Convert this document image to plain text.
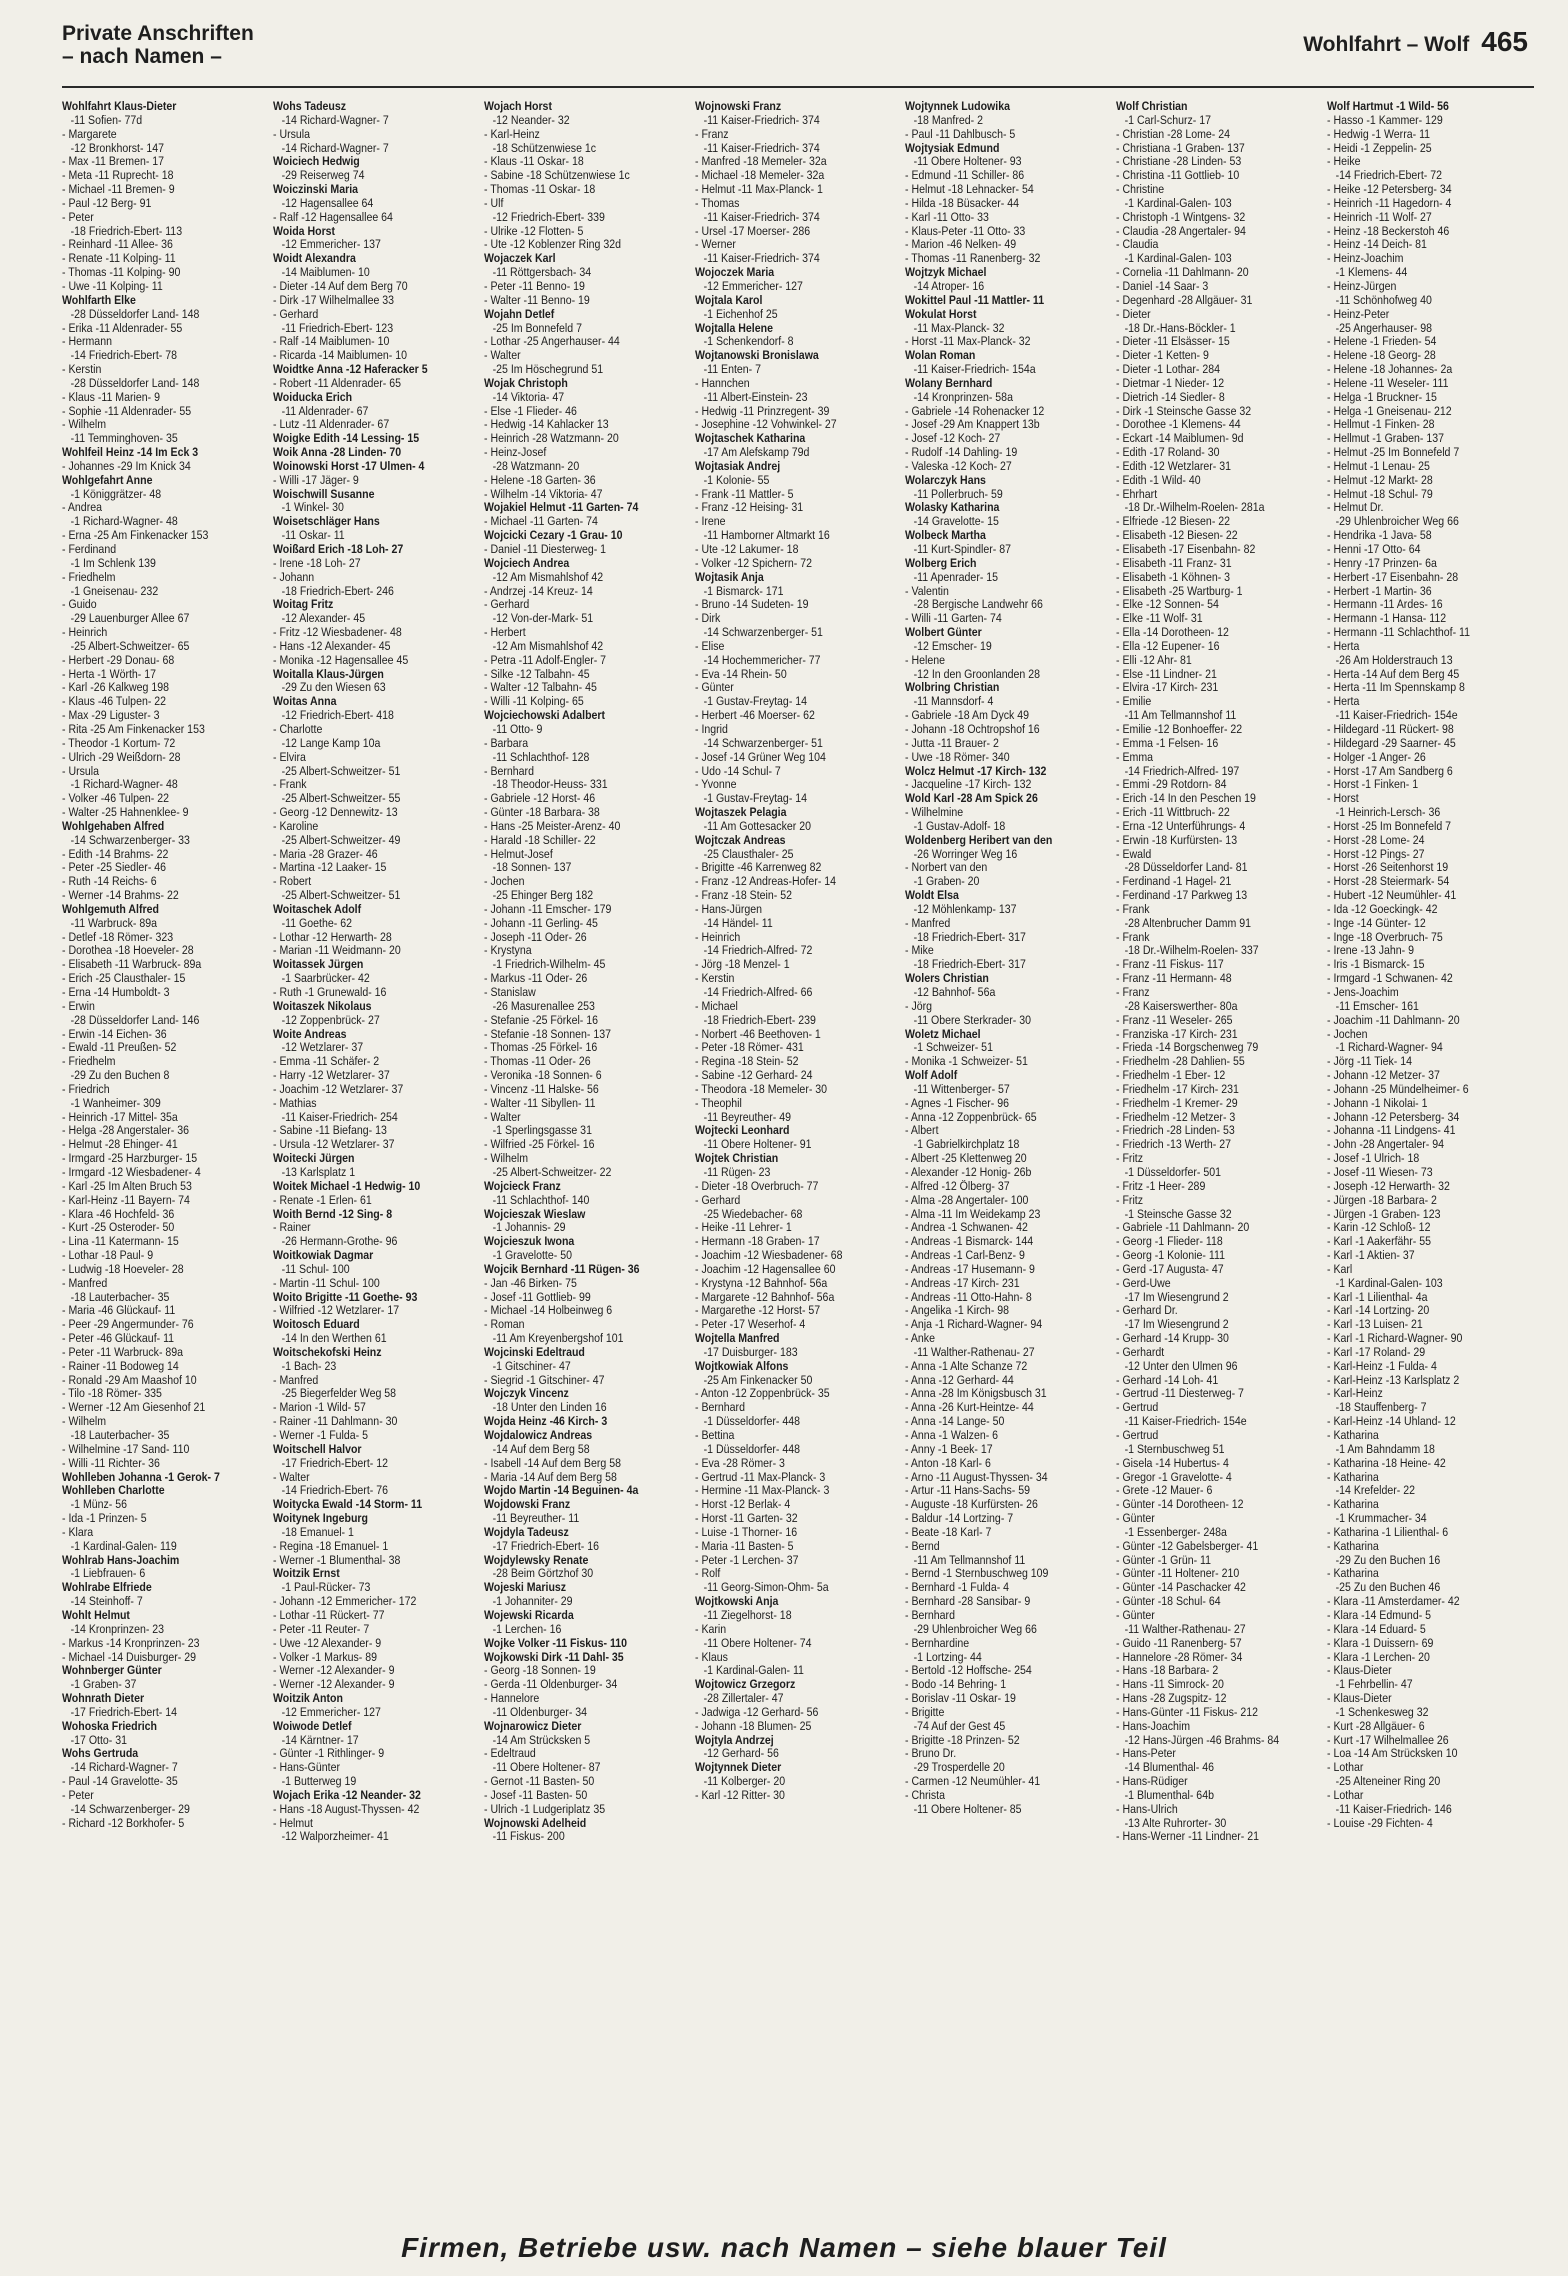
Private Anschriften
– nach Namen –
Wohlfahrt – Wolf 465
Wohlfahrt Klaus-Dieter
-11 Sofien- 77d
- Margarete
-12 Bronkhorst- 147
- Max -11 Bremen- 17
- Meta -11 Ruprecht- 18
- Michael -11 Bremen- 9
- Paul -12 Berg- 91
- Peter
-18 Friedrich-Ebert- 113
- Reinhard -11 Allee- 36
- Renate -11 Kolping- 11
- Thomas -11 Kolping- 90
- Uwe -11 Kolping- 11
Wohlfarth Elke
-28 Düsseldorfer Land- 148
- Erika -11 Aldenrader- 55
- Hermann
-14 Friedrich-Ebert- 78
- Kerstin
-28 Düsseldorfer Land- 148
- Klaus -11 Marien- 9
- Sophie -11 Aldenrader- 55
- Wilhelm
-11 Temminghoven- 35
Wohlfeil Heinz -14 Im Eck 3
- Johannes -29 Im Knick 34
Wohlgefahrt Anne
-1 Königgrätzer- 48
- Andrea
-1 Richard-Wagner- 48
- Erna -25 Am Finkenacker 153
- Ferdinand
-1 Im Schlenk 139
- Friedhelm
-1 Gneisenau- 232
- Guido
-29 Lauenburger Allee 67
- Heinrich
-25 Albert-Schweitzer- 65
- Herbert -29 Donau- 68
- Herta -1 Wörth- 17
- Karl -26 Kalkweg 198
- Klaus -46 Tulpen- 22
- Max -29 Liguster- 3
- Rita -25 Am Finkenacker 153
- Theodor -1 Kortum- 72
- Ulrich -29 Weißdorn- 28
- Ursula
-1 Richard-Wagner- 48
- Volker -46 Tulpen- 22
- Walter -25 Hahnenklee- 9
Wohlgehaben Alfred
-14 Schwarzenberger- 33
- Edith -14 Brahms- 22
- Peter -25 Siedler- 46
- Ruth -14 Reichs- 6
- Werner -14 Brahms- 22
Wohlgemuth Alfred
-11 Warbruck- 89a
- Detlef -18 Römer- 323
- Dorothea -18 Hoeveler- 28
- Elisabeth -11 Warbruck- 89a
- Erich -25 Clausthaler- 15
- Erna -14 Humboldt- 3
- Erwin
-28 Düsseldorfer Land- 146
- Erwin -14 Eichen- 36
- Ewald -11 Preußen- 52
- Friedhelm
-29 Zu den Buchen 8
- Friedrich
-1 Wanheimer- 309
- Heinrich -17 Mittel- 35a
- Helga -28 Angerstaler- 36
- Helmut -28 Ehinger- 41
- Irmgard -25 Harzburger- 15
- Irmgard -12 Wiesbadener- 4
- Karl -25 Im Alten Bruch 53
- Karl-Heinz -11 Bayern- 74
- Klara -46 Hochfeld- 36
- Kurt -25 Osteroder- 50
- Lina -11 Katermann- 15
- Lothar -18 Paul- 9
- Ludwig -18 Hoeveler- 28
- Manfred
-18 Lauterbacher- 35
- Maria -46 Glückauf- 11
- Peer -29 Angermunder- 76
- Peter -46 Glückauf- 11
- Peter -11 Warbruck- 89a
- Rainer -11 Bodoweg 14
- Ronald -29 Am Maashof 10
- Tilo -18 Römer- 335
- Werner -12 Am Giesenhof 21
- Wilhelm
-18 Lauterbacher- 35
- Wilhelmine -17 Sand- 110
- Willi -11 Richter- 36
Wohlleben Johanna -1 Gerok- 7
Wohlleben Charlotte
-1 Münz- 56
- Ida -1 Prinzen- 5
- Klara
-1 Kardinal-Galen- 119
Wohlrab Hans-Joachim
-1 Liebfrauen- 6
Wohlrabe Elfriede
-14 Steinhoff- 7
Wohlt Helmut
-14 Kronprinzen- 23
- Markus -14 Kronprinzen- 23
- Michael -14 Duisburger- 29
Wohnberger Günter
-1 Graben- 37
Wohnrath Dieter
-17 Friedrich-Ebert- 14
Wohoska Friedrich
-17 Otto- 31
Wohs Gertruda
-14 Richard-Wagner- 7
- Paul -14 Gravelotte- 35
- Peter
-14 Schwarzenberger- 29
- Richard -12 Borkhofer- 5
Wohs Tadeusz
-14 Richard-Wagner- 7
- Ursula
-14 Richard-Wagner- 7
Woiciech Hedwig
-29 Reiserweg 74
Woiczinski Maria
-12 Hagensallee 64
- Ralf -12 Hagensallee 64
Woida Horst
-12 Emmericher- 137
Woidt Alexandra
-14 Maiblumen- 10
- Dieter -14 Auf dem Berg 70
- Dirk -17 Wilhelmallee 33
- Gerhard
-11 Friedrich-Ebert- 123
- Ralf -14 Maiblumen- 10
- Ricarda -14 Maiblumen- 10
Woidtke Anna -12 Haferacker 5
- Robert -11 Aldenrader- 65
Woiducka Erich
-11 Aldenrader- 67
- Lutz -11 Aldenrader- 67
Woigke Edith -14 Lessing- 15
Woik Anna -28 Linden- 70
Woinowski Horst -17 Ulmen- 4
- Willi -17 Jäger- 9
Woischwill Susanne
-1 Winkel- 30
Woisetschläger Hans
-11 Oskar- 11
Woißard Erich -18 Loh- 27
- Irene -18 Loh- 27
- Johann
-18 Friedrich-Ebert- 246
Woitag Fritz
-12 Alexander- 45
- Fritz -12 Wiesbadener- 48
- Hans -12 Alexander- 45
- Monika -12 Hagensallee 45
Woitalla Klaus-Jürgen
-29 Zu den Wiesen 63
Woitas Anna
-12 Friedrich-Ebert- 418
- Charlotte
-12 Lange Kamp 10a
- Elvira
-25 Albert-Schweitzer- 51
- Frank
-25 Albert-Schweitzer- 55
- Georg -12 Dennewitz- 13
- Karoline
-25 Albert-Schweitzer- 49
- Maria -28 Grazer- 46
- Martina -12 Laaker- 15
- Robert
-25 Albert-Schweitzer- 51
Woitaschek Adolf
-11 Goethe- 62
- Lothar -12 Herwarth- 28
- Marian -11 Weidmann- 20
Woitassek Jürgen
-1 Saarbrücker- 42
- Ruth -1 Grunewald- 16
Woitaszek Nikolaus
-12 Zoppenbrück- 27
Woite Andreas
-12 Wetzlarer- 37
- Emma -11 Schäfer- 2
- Harry -12 Wetzlarer- 37
- Joachim -12 Wetzlarer- 37
- Mathias
-11 Kaiser-Friedrich- 254
- Sabine -11 Biefang- 13
- Ursula -12 Wetzlarer- 37
Woitecki Jürgen
-13 Karlsplatz 1
Woitek Michael -1 Hedwig- 10
- Renate -1 Erlen- 61
Woith Bernd -12 Sing- 8
- Rainer
-26 Hermann-Grothe- 96
Woitkowiak Dagmar
-11 Schul- 100
- Martin -11 Schul- 100
Woito Brigitte -11 Goethe- 93
- Wilfried -12 Wetzlarer- 17
Woitosch Eduard
-14 In den Werthen 61
Woitschekofski Heinz
-1 Bach- 23
- Manfred
-25 Biegerfelder Weg 58
- Marion -1 Wild- 57
- Rainer -11 Dahlmann- 30
- Werner -1 Fulda- 5
Woitschell Halvor
-17 Friedrich-Ebert- 12
- Walter
-14 Friedrich-Ebert- 76
Woitycka Ewald -14 Storm- 11
Woitynek Ingeburg
-18 Emanuel- 1
- Regina -18 Emanuel- 1
- Werner -1 Blumenthal- 38
Woitzik Ernst
-1 Paul-Rücker- 73
- Johann -12 Emmericher- 172
- Lothar -11 Rückert- 77
- Peter -11 Reuter- 7
- Uwe -12 Alexander- 9
- Volker -1 Markus- 89
- Werner -12 Alexander- 9
- Werner -12 Alexander- 9
Woitzik Anton
-12 Emmericher- 127
Woiwode Detlef
-14 Kärntner- 17
- Günter -1 Rithlinger- 9
- Hans-Günter
-1 Butterweg 19
Wojach Erika -12 Neander- 32
- Hans -18 August-Thyssen- 42
- Helmut
-12 Walporzheimer- 41
Wojach Horst
-12 Neander- 32
- Karl-Heinz
-18 Schützenwiese 1c
- Klaus -11 Oskar- 18
- Sabine -18 Schützenwiese 1c
- Thomas -11 Oskar- 18
- Ulf
-12 Friedrich-Ebert- 339
- Ulrike -12 Flotten- 5
- Ute -12 Koblenzer Ring 32d
Wojaczek Karl
-11 Röttgersbach- 34
- Peter -11 Benno- 19
- Walter -11 Benno- 19
Wojahn Detlef
-25 Im Bonnefeld 7
- Lothar -25 Angerhauser- 44
- Walter
-25 Im Höschegrund 51
Wojak Christoph
-14 Viktoria- 47
- Else -1 Flieder- 46
- Hedwig -14 Kahlacker 13
- Heinrich -28 Watzmann- 20
- Heinz-Josef
-28 Watzmann- 20
- Helene -18 Garten- 36
- Wilhelm -14 Viktoria- 47
Wojakiel Helmut -11 Garten- 74
- Michael -11 Garten- 74
Wojcicki Cezary -1 Grau- 10
- Daniel -11 Diesterweg- 1
Wojciech Andrea
-12 Am Mismahlshof 42
- Andrzej -14 Kreuz- 14
- Gerhard
-12 Von-der-Mark- 51
- Herbert
-12 Am Mismahlshof 42
- Petra -11 Adolf-Engler- 7
- Silke -12 Talbahn- 45
- Walter -12 Talbahn- 45
- Willi -11 Kolping- 65
Wojciechowski Adalbert
-11 Otto- 9
- Barbara
-11 Schlachthof- 128
- Bernhard
-18 Theodor-Heuss- 331
- Gabriele -12 Horst- 46
- Günter -18 Barbara- 38
- Hans -25 Meister-Arenz- 40
- Harald -18 Schiller- 22
- Helmut-Josef
-18 Sonnen- 137
- Jochen
-25 Ehinger Berg 182
- Johann -11 Emscher- 179
- Johann -11 Gerling- 45
- Joseph -11 Oder- 26
- Krystyna
-1 Friedrich-Wilhelm- 45
- Markus -11 Oder- 26
- Stanislaw
-26 Masurenallee 253
- Stefanie -25 Förkel- 16
- Stefanie -18 Sonnen- 137
- Thomas -25 Förkel- 16
- Thomas -11 Oder- 26
- Veronika -18 Sonnen- 6
- Vincenz -11 Halske- 56
- Walter -11 Sibyllen- 11
- Walter
-1 Sperlingsgasse 31
- Wilfried -25 Förkel- 16
- Wilhelm
-25 Albert-Schweitzer- 22
Wojcieck Franz
-11 Schlachthof- 140
Wojcieszak Wieslaw
-1 Johannis- 29
Wojcieszuk Iwona
-1 Gravelotte- 50
Wojcik Bernhard -11 Rügen- 36
- Jan -46 Birken- 75
- Josef -11 Gottlieb- 99
- Michael -14 Holbeinweg 6
- Roman
-11 Am Kreyenbergshof 101
Wojcinski Edeltraud
-1 Gitschiner- 47
- Siegrid -1 Gitschiner- 47
Wojczyk Vincenz
-18 Unter den Linden 16
Wojda Heinz -46 Kirch- 3
Wojdalowicz Andreas
-14 Auf dem Berg 58
- Isabell -14 Auf dem Berg 58
- Maria -14 Auf dem Berg 58
Wojdo Martin -14 Beguinen- 4a
Wojdowski Franz
-11 Beyreuther- 11
Wojdyla Tadeusz
-17 Friedrich-Ebert- 16
Wojdylewsky Renate
-28 Beim Görtzhof 30
Wojeski Mariusz
-1 Johanniter- 29
Wojewski Ricarda
-1 Lerchen- 16
Wojke Volker -11 Fiskus- 110
Wojkowski Dirk -11 Dahl- 35
- Georg -18 Sonnen- 19
- Gerda -11 Oldenburger- 34
- Hannelore
-11 Oldenburger- 34
Wojnarowicz Dieter
-14 Am Strücksken 5
- Edeltraud
-11 Obere Holtener- 87
- Gernot -11 Basten- 50
- Josef -11 Basten- 50
- Ulrich -1 Ludgeriplatz 35
Wojnowski Adelheid
-11 Fiskus- 200
Wojnowski Franz
-11 Kaiser-Friedrich- 374
- Franz
-11 Kaiser-Friedrich- 374
- Manfred -18 Memeler- 32a
- Michael -18 Memeler- 32a
- Helmut -11 Max-Planck- 1
- Thomas
-11 Kaiser-Friedrich- 374
- Ursel -17 Moerser- 286
- Werner
-11 Kaiser-Friedrich- 374
Wojoczek Maria
-12 Emmericher- 127
Wojtala Karol
-1 Eichenhof 25
Wojtalla Helene
-1 Schenkendorf- 8
Wojtanowski Bronislawa
-11 Enten- 7
- Hannchen
-11 Albert-Einstein- 23
- Hedwig -11 Prinzregent- 39
- Josephine -12 Vohwinkel- 27
Wojtaschek Katharina
-17 Am Alefskamp 79d
Wojtasiak Andrej
-1 Kolonie- 55
- Frank -11 Mattler- 5
- Franz -12 Heising- 31
- Irene
-11 Hamborner Altmarkt 16
- Ute -12 Lakumer- 18
- Volker -12 Spichern- 72
Wojtasik Anja
-1 Bismarck- 171
- Bruno -14 Sudeten- 19
- Dirk
-14 Schwarzenberger- 51
- Elise
-14 Hochemmericher- 77
- Eva -14 Rhein- 50
- Günter
-1 Gustav-Freytag- 14
- Herbert -46 Moerser- 62
- Ingrid
-14 Schwarzenberger- 51
- Josef -14 Grüner Weg 104
- Udo -14 Schul- 7
- Yvonne
-1 Gustav-Freytag- 14
Wojtaszek Pelagia
-11 Am Gottesacker 20
Wojtczak Andreas
-25 Clausthaler- 25
- Brigitte -46 Karrenweg 82
- Franz -12 Andreas-Hofer- 14
- Franz -18 Stein- 52
- Hans-Jürgen
-14 Händel- 11
- Heinrich
-14 Friedrich-Alfred- 72
- Jörg -18 Menzel- 1
- Kerstin
-14 Friedrich-Alfred- 66
- Michael
-18 Friedrich-Ebert- 239
- Norbert -46 Beethoven- 1
- Peter -18 Römer- 431
- Regina -18 Stein- 52
- Sabine -12 Gerhard- 24
- Theodora -18 Memeler- 30
- Theophil
-11 Beyreuther- 49
Wojtecki Leonhard
-11 Obere Holtener- 91
Wojtek Christian
-11 Rügen- 23
- Dieter -18 Overbruch- 77
- Gerhard
-25 Wiedebacher- 68
- Heike -11 Lehrer- 1
- Hermann -18 Graben- 17
- Joachim -12 Wiesbadener- 68
- Joachim -12 Hagensallee 60
- Krystyna -12 Bahnhof- 56a
- Margarete -12 Bahnhof- 56a
- Margarethe -12 Horst- 57
- Peter -17 Weserhof- 4
Wojtella Manfred
-17 Duisburger- 183
Wojtkowiak Alfons
-25 Am Finkenacker 50
- Anton -12 Zoppenbrück- 35
- Bernhard
-1 Düsseldorfer- 448
- Bettina
-1 Düsseldorfer- 448
- Eva -28 Römer- 3
- Gertrud -11 Max-Planck- 3
- Hermine -11 Max-Planck- 3
- Horst -12 Berlak- 4
- Horst -11 Garten- 32
- Luise -1 Thorner- 16
- Maria -11 Basten- 5
- Peter -1 Lerchen- 37
- Rolf
-11 Georg-Simon-Ohm- 5a
Wojtkowski Anja
-11 Ziegelhorst- 18
- Karin
-11 Obere Holtener- 74
- Klaus
-1 Kardinal-Galen- 11
Wojtowicz Grzegorz
-28 Zillertaler- 47
- Jadwiga -12 Gerhard- 56
- Johann -18 Blumen- 25
Wojtyla Andrzej
-12 Gerhard- 56
Wojtynnek Dieter
-11 Kolberger- 20
- Karl -12 Ritter- 30
Wojtynnek Ludowika
-18 Manfred- 2
- Paul -11 Dahlbusch- 5
Wojtysiak Edmund
-11 Obere Holtener- 93
- Edmund -11 Schiller- 86
- Helmut -18 Lehnacker- 54
- Hilda -18 Büsacker- 44
- Karl -11 Otto- 33
- Klaus-Peter -11 Otto- 33
- Marion -46 Nelken- 49
- Thomas -11 Ranenberg- 32
Wojtzyk Michael
-14 Atroper- 16
Wokittel Paul -11 Mattler- 11
Wokulat Horst
-11 Max-Planck- 32
- Horst -11 Max-Planck- 32
Wolan Roman
-11 Kaiser-Friedrich- 154a
Wolany Bernhard
-14 Kronprinzen- 58a
- Gabriele -14 Rohenacker 12
- Josef -29 Am Knappert 13b
- Josef -12 Koch- 27
- Rudolf -14 Dahling- 19
- Valeska -12 Koch- 27
Wolarczyk Hans
-11 Pollerbruch- 59
Wolasky Katharina
-14 Gravelotte- 15
Wolbeck Martha
-11 Kurt-Spindler- 87
Wolberg Erich
-11 Apenrader- 15
- Valentin
-28 Bergische Landwehr 66
- Willi -11 Garten- 74
Wolbert Günter
-12 Emscher- 19
- Helene
-12 In den Groonlanden 28
Wolbring Christian
-11 Mannsdorf- 4
- Gabriele -18 Am Dyck 49
- Johann -18 Ochtropshof 16
- Jutta -11 Brauer- 2
- Uwe -18 Römer- 340
Wolcz Helmut -17 Kirch- 132
- Jacqueline -17 Kirch- 132
Wold Karl -28 Am Spick 26
- Wilhelmine
-1 Gustav-Adolf- 18
Woldenberg Heribert van den
-26 Worringer Weg 16
- Norbert van den
-1 Graben- 20
Woldt Elsa
-12 Möhlenkamp- 137
- Manfred
-18 Friedrich-Ebert- 317
- Mike
-18 Friedrich-Ebert- 317
Wolers Christian
-12 Bahnhof- 56a
- Jörg
-11 Obere Sterkrader- 30
Woletz Michael
-1 Schweizer- 51
- Monika -1 Schweizer- 51
Wolf Adolf
-11 Wittenberger- 57
- Agnes -1 Fischer- 96
- Anna -12 Zoppenbrück- 65
- Albert
-1 Gabrielkirchplatz 18
- Albert -25 Klettenweg 20
- Alexander -12 Honig- 26b
- Alfred -12 Ölberg- 37
- Alma -28 Angertaler- 100
- Alma -11 Im Weidekamp 23
- Andrea -1 Schwanen- 42
- Andreas -1 Bismarck- 144
- Andreas -1 Carl-Benz- 9
- Andreas -17 Husemann- 9
- Andreas -17 Kirch- 231
- Andreas -11 Otto-Hahn- 8
- Angelika -1 Kirch- 98
- Anja -1 Richard-Wagner- 94
- Anke
-11 Walther-Rathenau- 27
- Anna -1 Alte Schanze 72
- Anna -12 Gerhard- 44
- Anna -28 Im Königsbusch 31
- Anna -26 Kurt-Heintze- 44
- Anna -14 Lange- 50
- Anna -1 Walzen- 6
- Anny -1 Beek- 17
- Anton -18 Karl- 6
- Arno -11 August-Thyssen- 34
- Artur -11 Hans-Sachs- 59
- Auguste -18 Kurfürsten- 26
- Baldur -14 Lortzing- 7
- Beate -18 Karl- 7
- Bernd
-11 Am Tellmannshof 11
- Bernd -1 Sternbuschweg 109
- Bernhard -1 Fulda- 4
- Bernhard -28 Sansibar- 9
- Bernhard
-29 Uhlenbroicher Weg 66
- Bernhardine
-1 Lortzing- 44
- Bertold -12 Hoffsche- 254
- Bodo -14 Behring- 1
- Borislav -11 Oskar- 19
- Brigitte
-74 Auf der Gest 45
- Brigitte -18 Prinzen- 52
- Bruno Dr.
-29 Trosperdelle 20
- Carmen -12 Neumühler- 41
- Christa
-11 Obere Holtener- 85
Wolf Christian
-1 Carl-Schurz- 17
- Christian -28 Lome- 24
- Christiana -1 Graben- 137
- Christiane -28 Linden- 53
- Christina -11 Gottlieb- 10
- Christine
-1 Kardinal-Galen- 103
- Christoph -1 Wintgens- 32
- Claudia -28 Angertaler- 94
- Claudia
-1 Kardinal-Galen- 103
- Cornelia -11 Dahlmann- 20
- Daniel -14 Saar- 3
- Degenhard -28 Allgäuer- 31
- Dieter
-18 Dr.-Hans-Böckler- 1
- Dieter -11 Elsässer- 15
- Dieter -1 Ketten- 9
- Dieter -1 Lothar- 284
- Dietmar -1 Nieder- 12
- Dietrich -14 Siedler- 8
- Dirk -1 Steinsche Gasse 32
- Dorothee -1 Klemens- 44
- Eckart -14 Maiblumen- 9d
- Edith -17 Roland- 30
- Edith -12 Wetzlarer- 31
- Edith -1 Wild- 40
- Ehrhart
-18 Dr.-Wilhelm-Roelen- 281a
- Elfriede -12 Biesen- 22
- Elisabeth -12 Biesen- 22
- Elisabeth -17 Eisenbahn- 82
- Elisabeth -11 Franz- 31
- Elisabeth -1 Köhnen- 3
- Elisabeth -25 Wartburg- 1
- Elke -12 Sonnen- 54
- Elke -11 Wolf- 31
- Ella -14 Dorotheen- 12
- Ella -12 Eupener- 16
- Elli -12 Ahr- 81
- Else -11 Lindner- 21
- Elvira -17 Kirch- 231
- Emilie
-11 Am Tellmannshof 11
- Emilie -12 Bonhoeffer- 22
- Emma -1 Felsen- 16
- Emma
-14 Friedrich-Alfred- 197
- Emmi -29 Rotdorn- 84
- Erich -14 In den Peschen 19
- Erich -11 Wittbruch- 22
- Erna -12 Unterführungs- 4
- Erwin -18 Kurfürsten- 13
- Ewald
-28 Düsseldorfer Land- 81
- Ferdinand -1 Hagel- 21
- Ferdinand -17 Parkweg 13
- Frank
-28 Altenbrucher Damm 91
- Frank
-18 Dr.-Wilhelm-Roelen- 337
- Franz -11 Fiskus- 117
- Franz -11 Hermann- 48
- Franz
-28 Kaiserswerther- 80a
- Franz -11 Weseler- 265
- Franziska -17 Kirch- 231
- Frieda -14 Borgschenweg 79
- Friedhelm -28 Dahlien- 55
- Friedhelm -1 Eber- 12
- Friedhelm -17 Kirch- 231
- Friedhelm -1 Kremer- 29
- Friedhelm -12 Metzer- 3
- Friedrich -28 Linden- 53
- Friedrich -13 Werth- 27
- Fritz
-1 Düsseldorfer- 501
- Fritz -1 Heer- 289
- Fritz
-1 Steinsche Gasse 32
- Gabriele -11 Dahlmann- 20
- Georg -1 Flieder- 118
- Georg -1 Kolonie- 111
- Gerd -17 Augusta- 47
- Gerd-Uwe
-17 Im Wiesengrund 2
- Gerhard Dr.
-17 Im Wiesengrund 2
- Gerhard -14 Krupp- 30
- Gerhardt
-12 Unter den Ulmen 96
- Gerhard -14 Loh- 41
- Gertrud -11 Diesterweg- 7
- Gertrud
-11 Kaiser-Friedrich- 154e
- Gertrud
-1 Sternbuschweg 51
- Gisela -14 Hubertus- 4
- Gregor -1 Gravelotte- 4
- Grete -12 Mauer- 6
- Günter -14 Dorotheen- 12
- Günter
-1 Essenberger- 248a
- Günter -12 Gabelsberger- 41
- Günter -1 Grün- 11
- Günter -11 Holtener- 210
- Günter -14 Paschacker 42
- Günter -18 Schul- 64
- Günter
-11 Walther-Rathenau- 27
- Guido -11 Ranenberg- 57
- Hannelore -28 Römer- 34
- Hans -18 Barbara- 2
- Hans -11 Simrock- 20
- Hans -28 Zugspitz- 12
- Hans-Günter -11 Fiskus- 212
- Hans-Joachim
-12 Hans-Jürgen -46 Brahms- 84
- Hans-Peter
-14 Blumenthal- 46
- Hans-Rüdiger
-1 Blumenthal- 64b
- Hans-Ulrich
-13 Alte Ruhrorter- 30
- Hans-Werner -11 Lindner- 21
Wolf Hartmut -1 Wild- 56
- Hasso -1 Kammer- 129
- Hedwig -1 Werra- 11
- Heidi -1 Zeppelin- 25
- Heike
-14 Friedrich-Ebert- 72
- Heike -12 Petersberg- 34
- Heinrich -11 Hagedorn- 4
- Heinrich -11 Wolf- 27
- Heinz -18 Beckerstoh 46
- Heinz -14 Deich- 81
- Heinz-Joachim
-1 Klemens- 44
- Heinz-Jürgen
-11 Schönhofweg 40
- Heinz-Peter
-25 Angerhauser- 98
- Helene -1 Frieden- 54
- Helene -18 Georg- 28
- Helene -18 Johannes- 2a
- Helene -11 Weseler- 111
- Helga -1 Bruckner- 15
- Helga -1 Gneisenau- 212
- Hellmut -1 Finken- 28
- Hellmut -1 Graben- 137
- Helmut -25 Im Bonnefeld 7
- Helmut -1 Lenau- 25
- Helmut -12 Markt- 28
- Helmut -18 Schul- 79
- Helmut Dr.
-29 Uhlenbroicher Weg 66
- Hendrika -1 Java- 58
- Henni -17 Otto- 64
- Henry -17 Prinzen- 6a
- Herbert -17 Eisenbahn- 28
- Herbert -1 Martin- 36
- Hermann -11 Ardes- 16
- Hermann -1 Hansa- 112
- Hermann -11 Schlachthof- 11
- Herta
-26 Am Holderstrauch 13
- Herta -14 Auf dem Berg 45
- Herta -11 Im Spennskamp 8
- Herta
-11 Kaiser-Friedrich- 154e
- Hildegard -11 Rückert- 98
- Hildegard -29 Saarner- 45
- Holger -1 Anger- 26
- Horst -17 Am Sandberg 6
- Horst -1 Finken- 1
- Horst
-1 Heinrich-Lersch- 36
- Horst -25 Im Bonnefeld 7
- Horst -28 Lome- 24
- Horst -12 Pings- 27
- Horst -26 Seitenhorst 19
- Horst -28 Steiermark- 54
- Hubert -12 Neumühler- 41
- Ida -12 Goeckingk- 42
- Inge -14 Günter- 12
- Inge -18 Overbruch- 75
- Irene -13 Jahn- 9
- Iris -1 Bismarck- 15
- Irmgard -1 Schwanen- 42
- Jens-Joachim
-11 Emscher- 161
- Joachim -11 Dahlmann- 20
- Jochen
-1 Richard-Wagner- 94
- Jörg -11 Tiek- 14
- Johann -12 Metzer- 37
- Johann -25 Mündelheimer- 6
- Johann -1 Nikolai- 1
- Johann -12 Petersberg- 34
- Johanna -11 Lindgens- 41
- John -28 Angertaler- 94
- Josef -1 Ulrich- 18
- Josef -11 Wiesen- 73
- Joseph -12 Herwarth- 32
- Jürgen -18 Barbara- 2
- Jürgen -1 Graben- 123
- Karin -12 Schloß- 12
- Karl -1 Aakerfähr- 55
- Karl -1 Aktien- 37
- Karl
-1 Kardinal-Galen- 103
- Karl -1 Lilienthal- 4a
- Karl -14 Lortzing- 20
- Karl -13 Luisen- 21
- Karl -1 Richard-Wagner- 90
- Karl -17 Roland- 29
- Karl-Heinz -1 Fulda- 4
- Karl-Heinz -13 Karlsplatz 2
- Karl-Heinz
-18 Stauffenberg- 7
- Karl-Heinz -14 Uhland- 12
- Katharina
-1 Am Bahndamm 18
- Katharina -18 Heine- 42
- Katharina
-14 Krefelder- 22
- Katharina
-1 Krummacher- 34
- Katharina -1 Lilienthal- 6
- Katharina
-29 Zu den Buchen 16
- Katharina
-25 Zu den Buchen 46
- Klara -11 Amsterdamer- 42
- Klara -14 Edmund- 5
- Klara -14 Eduard- 5
- Klara -1 Duissern- 69
- Klara -1 Lerchen- 20
- Klaus-Dieter
-1 Fehrbellin- 47
- Klaus-Dieter
-1 Schenkesweg 32
- Kurt -28 Allgäuer- 6
- Kurt -17 Wilhelmallee 26
- Loa -14 Am Strücksken 10
- Lothar
-25 Alteneiner Ring 20
- Lothar
-11 Kaiser-Friedrich- 146
- Louise -29 Fichten- 4
Firmen, Betriebe usw. nach Namen – siehe blauer Teil
